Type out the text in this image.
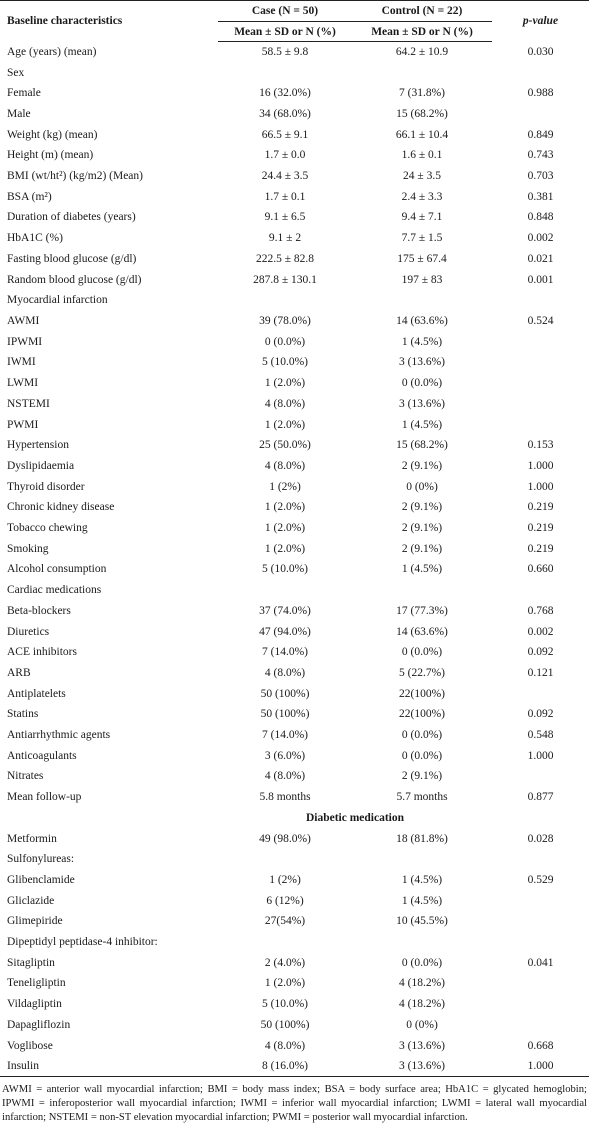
Baseline characteristics	Case (N = 50)	Control (N = 22)	p-value
	Mean ± SD or N (%)	Mean ± SD or N (%)	
Age (years) (mean)	58.5 ± 9.8	64.2 ± 10.9	0.030
Sex			
Female	16 (32.0%)	7 (31.8%)	0.988
Male	34 (68.0%)	15 (68.2%)	
Weight (kg) (mean)	66.5 ± 9.1	66.1 ± 10.4	0.849
Height (m) (mean)	1.7 ± 0.0	1.6 ± 0.1	0.743
BMI (wt/ht²) (kg/m2) (Mean)	24.4 ± 3.5	24 ± 3.5	0.703
BSA (m²)	1.7 ± 0.1	2.4 ± 3.3	0.381
Duration of diabetes (years)	9.1 ± 6.5	9.4 ± 7.1	0.848
HbA1C (%)	9.1 ± 2	7.7 ± 1.5	0.002
Fasting blood glucose (g/dl)	222.5 ± 82.8	175 ± 67.4	0.021
Random blood glucose (g/dl)	287.8 ± 130.1	197 ± 83	0.001
Myocardial infarction			
AWMI	39 (78.0%)	14 (63.6%)	0.524
IPWMI	0 (0.0%)	1 (4.5%)	
IWMI	5 (10.0%)	3 (13.6%)	
LWMI	1 (2.0%)	0 (0.0%)	
NSTEMI	4 (8.0%)	3 (13.6%)	
PWMI	1 (2.0%)	1 (4.5%)	
Hypertension	25 (50.0%)	15 (68.2%)	0.153
Dyslipidaemia	4 (8.0%)	2 (9.1%)	1.000
Thyroid disorder	1 (2%)	0 (0%)	1.000
Chronic kidney disease	1 (2.0%)	2 (9.1%)	0.219
Tobacco chewing	1 (2.0%)	2 (9.1%)	0.219
Smoking	1 (2.0%)	2 (9.1%)	0.219
Alcohol consumption	5 (10.0%)	1 (4.5%)	0.660
Cardiac medications			
Beta-blockers	37 (74.0%)	17 (77.3%)	0.768
Diuretics	47 (94.0%)	14 (63.6%)	0.002
ACE inhibitors	7 (14.0%)	0 (0.0%)	0.092
ARB	4 (8.0%)	5 (22.7%)	0.121
Antiplatelets	50 (100%)	22(100%)	
Statins	50 (100%)	22(100%)	0.092
Antiarrhythmic agents	7 (14.0%)	0 (0.0%)	0.548
Anticoagulants	3 (6.0%)	0 (0.0%)	1.000
Nitrates	4 (8.0%)	2 (9.1%)	
Mean follow-up	5.8 months	5.7 months	0.877
	Diabetic medication		
Metformin	49 (98.0%)	18 (81.8%)	0.028
Sulfonylureas:			
Glibenclamide	1 (2%)	1 (4.5%)	0.529
Gliclazide	6 (12%)	1 (4.5%)	
Glimepiride	27(54%)	10 (45.5%)	
Dipeptidyl peptidase-4 inhibitor:			
Sitagliptin	2 (4.0%)	0 (0.0%)	0.041
Teneligliptin	1 (2.0%)	4 (18.2%)	
Vildagliptin	5 (10.0%)	4 (18.2%)	
Dapagliflozin	50 (100%)	0 (0%)	
Voglibose	4 (8.0%)	3 (13.6%)	0.668
Insulin	8 (16.0%)	3 (13.6%)	1.000
AWMI = anterior wall myocardial infarction; BMI = body mass index; BSA = body surface area; HbA1C = glycated hemoglobin; IPWMI = inferoposterior wall myocardial infarction; IWMI = inferior wall myocardial infarction; LWMI = lateral wall myocardial infarction; NSTEMI = non-ST elevation myocardial infarction; PWMI = posterior wall myocardial infarction.
